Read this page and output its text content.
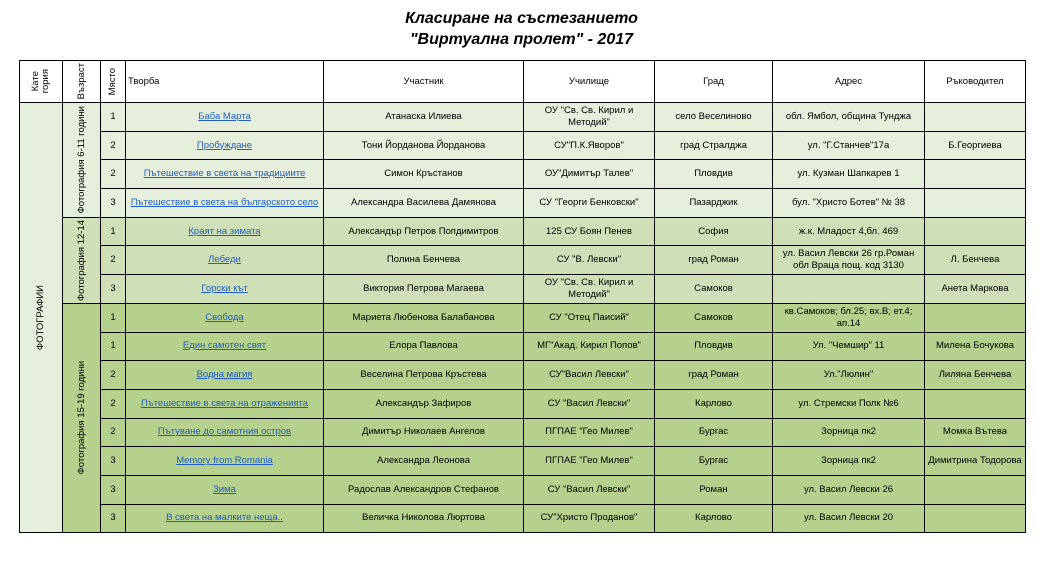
Класиране на състезанието
"Виртуална пролет" - 2017
Кате
гория	Възраст	Място	Творба	Участник	Училище	Град	Адрес	Ръководител

ФОТОГРАФИИ	Фотография 6-11 години	1	Баба Марта	Атанаска Илиева	ОУ "Св. Св. Кирил и Методий"	село Веселиново	обл. Ямбол, община Тунджа	
		2	Пробуждане	Тони Йорданова Йорданова	СУ"П.К.Яворов"	град Стралджа	ул. "Г.Станчев"17а	Б.Георгиева
		2	Пътешествие в света на традициите	Симон Кръстанов	ОУ"Димитър Талев"	Пловдив	ул. Кузман Шапкарев 1	
		3	Пътешествие в света на българското село	Александра Василева Дамянова	СУ "Георги Бенковски"	Пазарджик	бул. "Христо Ботев" № 38	

	Фотография 12-14	1	Краят на зимата	Александър Петров Попдимитров	125 СУ Боян Пенев	София	ж.к. Младост 4,бл. 469	
		2	Лебеди	Полина Бенчева	СУ "В. Левски"	град Роман	ул. Васил Левски 26 гр.Роман обл Враца пощ. код 3130	Л. Бенчева
		3	Горски кът	Виктория Петрова Магаева	ОУ "Св. Св. Кирил и Методий"	Самоков		Анета Маркова

	Фотография 15-19 години	1	Свобода	Мариета Любенова Балабанова	СУ "Отец Паисий"	Самоков	кв.Самоков; бл.25; вх.В; ет.4; ап.14	
		1	Един самотен свят	Елора Павлова	МГ"Акад. Кирил Попов"	Пловдив	Ул. "Чемшир" 11	Милена Бочукова
		2	Водна магия	Веселина Петрова Кръстева	СУ"Васил Левски"	град Роман	Ул."Люлин"	Лиляна Бенчева
		2	Пътешествие в света на отраженията	Александър Зафиров	СУ "Васил Левски"	Карлово	ул. Стремски Полк №6	
		2	Пътуване до самотния остров	Димитър Николаев Ангелов	ПГПАЕ "Гео Милев"	Бургас	Зорница пк2	Момка Вътева
		3	Memory from Romania	Александра Леонова	ПГПАЕ "Гео Милев"	Бургас	Зорница пк2	Димитрина Тодорова
		3	Зима	Радослав Александров Стефанов	СУ "Васил Левски"	Роман	ул. Васил Левски 26	
		3	В света на малките неща..	Величка Николова Люртова	СУ"Христо Проданов"	Карлово	ул. Васил Левски 20	
